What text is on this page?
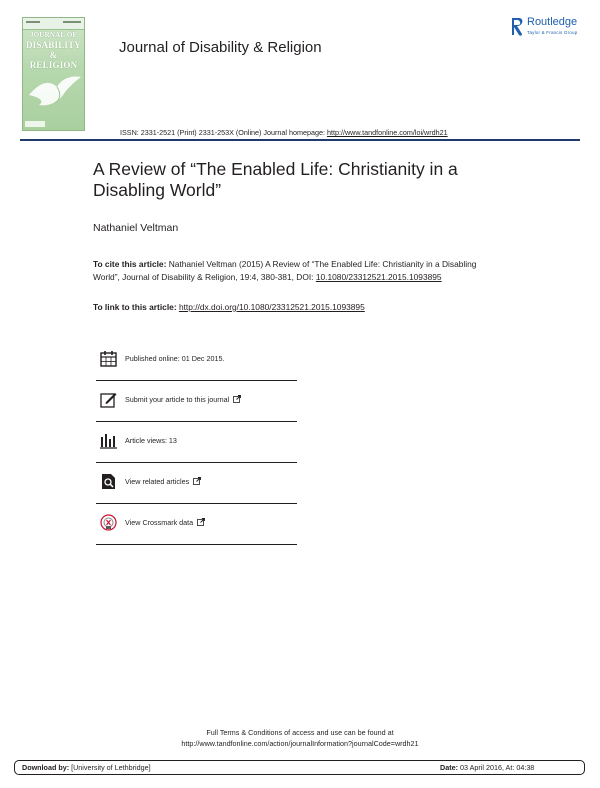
JOURNAL OF
DISABILITY
&
RELIGION
Journal of Disability & Religion
Routledge
Taylor & Francis Group
ISSN: 2331-2521 (Print) 2331-253X (Online) Journal homepage: http://www.tandfonline.com/loi/wrdh21
A Review of “The Enabled Life: Christianity in a Disabling World”
Nathaniel Veltman
To cite this article: Nathaniel Veltman (2015) A Review of “The Enabled Life: Christianity in a Disabling World”, Journal of Disability & Religion, 19:4, 380-381, DOI: 10.1080/23312521.2015.1093895
To link to this article: http://dx.doi.org/10.1080/23312521.2015.1093895
Published online: 01 Dec 2015.
Submit your article to this journal
Article views: 13
View related articles
View Crossmark data
Full Terms & Conditions of access and use can be found at
http://www.tandfonline.com/action/journalInformation?journalCode=wrdh21
Download by: [University of Lethbridge]	Date: 03 April 2016, At: 04:38
